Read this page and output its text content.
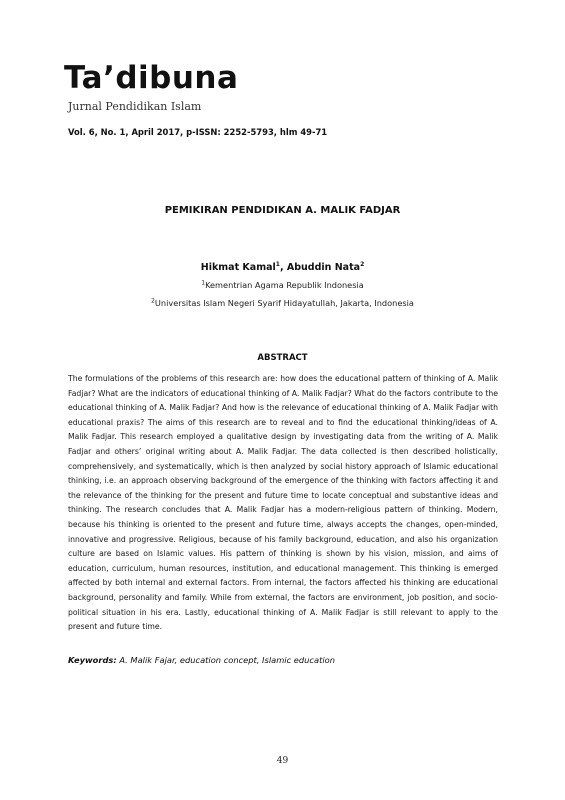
Ta’dibuna
Jurnal Pendidikan Islam
Vol. 6, No. 1, April 2017, p-ISSN: 2252-5793, hlm 49-71
PEMIKIRAN PENDIDIKAN A. MALIK FADJAR
Hikmat Kamal$^1$, Abuddin Nata$^2$
$^1$Kementrian Agama Republik Indonesia
$^2$Universitas Islam Negeri Syarif Hidayatullah, Jakarta, Indonesia
ABSTRACT

The formulations of the problems of this research are: how does the educational pattern of thinking of A. Malik Fadjar? What are the indicators of educational thinking of A. Malik Fadjar? What do the factors contribute to the educational thinking of A. Malik Fadjar? And how is the relevance of educational thinking of A. Malik Fadjar with educational praxis? The aims of this research are to reveal and to find the educational thinking/ideas of A. Malik Fadjar. This research employed a qualitative design by investigating data from the writing of A. Malik Fadjar and others’ original writing about A. Malik Fadjar. The data collected is then described holistically, comprehensively, and systematically, which is then analyzed by social history approach of Islamic educational thinking, i.e. an approach observing background of the emergence of the thinking with factors affecting it and the relevance of the thinking for the present and future time to locate conceptual and substantive ideas and thinking. The research concludes that A. Malik Fadjar has a modern-religious pattern of thinking. Modern, because his thinking is oriented to the present and future time, always accepts the changes, open-minded, innovative and progressive. Religious, because of his family background, education, and also his organization culture are based on Islamic values. His pattern of thinking is shown by his vision, mission, and aims of education, curriculum, human resources, institution, and educational management. This thinking is emerged affected by both internal and external factors. From internal, the factors affected his thinking are educational background, personality and family. While from external, the factors are environment, job position, and socio-political situation in his era. Lastly, educational thinking of A. Malik Fadjar is still relevant to apply to the present and future time.

Keywords: A. Malik Fajar, education concept, Islamic education
49
